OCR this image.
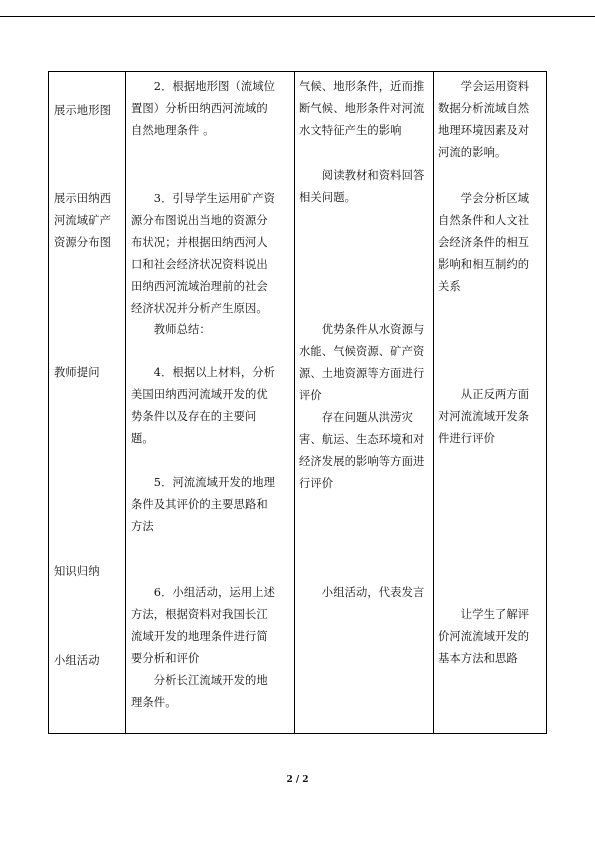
展示地形图
展示田纳西
河流域矿产
资源分布图
教师提问
知识归纳
小组活动
　　2．根据地形图（流域位
置图）分析田纳西河流域的
自然地理条件 。
　　3．引导学生运用矿产资
源分布图说出当地的资源分
布状况；并根据田纳西河人
口和社会经济状况资料说出
田纳西河流域治理前的社会
经济状况并分析产生原因。
　　教师总结：
　　4．根据以上材料，分析
美国田纳西河流域开发的优
势条件以及存在的主要问
题。
　　5．河流流域开发的地理
条件及其评价的主要思路和
方法
　　6．小组活动，运用上述
方法，根据资料对我国长江
流域开发的地理条件进行简
要分析和评价
　　分析长江流域开发的地
理条件。
气候、地形条件，近而推
断气候、地形条件对河流
水文特征产生的影响
　　阅读教材和资料回答
相关问题。
　　优势条件从水资源与
水能、气候资源、矿产资
源、土地资源等方面进行
评价
　　存在问题从洪涝灾
害、航运、生态环境和对
经济发展的影响等方面进
行评价
　　小组活动，代表发言
　　学会运用资料
数据分析流域自然
地理环境因素及对
河流的影响。
　　学会分析区域
自然条件和人文社
会经济条件的相互
影响和相互制约的
关系
　　从正反两方面
对河流流域开发条
件进行评价
　　让学生了解评
价河流流域开发的
基本方法和思路
2 / 2
